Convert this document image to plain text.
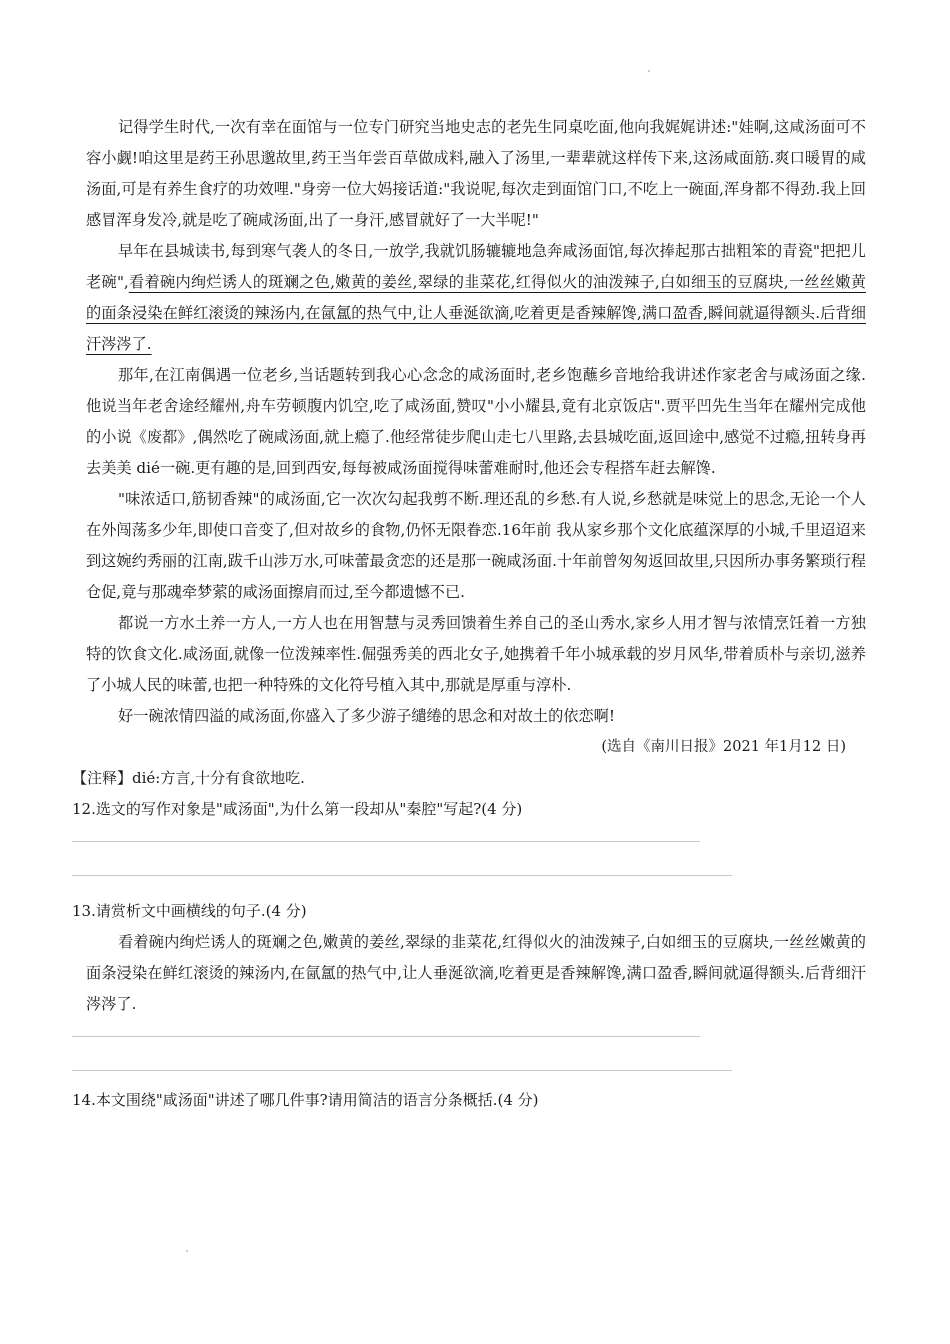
记得学生时代,一次有幸在面馆与一位专门研究当地史志的老先生同桌吃面,他向我娓娓讲述:"娃啊,这咸汤面可不容小觑!咱这里是药王孙思邈故里,药王当年尝百草做成料,融入了汤里,一辈辈就这样传下来,这汤咸面筋.爽口暖胃的咸汤面,可是有养生食疗的功效哩."身旁一位大妈接话道:"我说呢,每次走到面馆门口,不吃上一碗面,浑身都不得劲.我上回感冒浑身发冷,就是吃了碗咸汤面,出了一身汗,感冒就好了一大半呢!"

早年在县城读书,每到寒气袭人的冬日,一放学,我就饥肠辘辘地急奔咸汤面馆,每次捧起那古拙粗笨的青瓷"把把儿老碗",看着碗内绚烂诱人的斑斓之色,嫩黄的姜丝,翠绿的韭菜花,红得似火的油泼辣子,白如细玉的豆腐块,一丝丝嫩黄的面条浸染在鲜红滚烫的辣汤内,在氤氲的热气中,让人垂涎欲滴,吃着更是香辣解馋,满口盈香,瞬间就逼得额头.后背细汗涔涔了.

那年,在江南偶遇一位老乡,当话题转到我心心念念的咸汤面时,老乡饱蘸乡音地给我讲述作家老舍与咸汤面之缘.他说当年老舍途经耀州,舟车劳顿腹内饥空,吃了咸汤面,赞叹"小小耀县,竟有北京饭店".贾平凹先生当年在耀州完成他的小说《废都》,偶然吃了碗咸汤面,就上瘾了.他经常徒步爬山走七八里路,去县城吃面,返回途中,感觉不过瘾,扭转身再去美美 dié一碗.更有趣的是,回到西安,每每被咸汤面搅得味蕾难耐时,他还会专程搭车赶去解馋.

"味浓适口,筋韧香辣"的咸汤面,它一次次勾起我剪不断.理还乱的乡愁.有人说,乡愁就是味觉上的思念,无论一个人在外闯荡多少年,即使口音变了,但对故乡的食物,仍怀无限眷恋.16年前 我从家乡那个文化底蕴深厚的小城,千里迢迢来到这婉约秀丽的江南,跋千山涉万水,可味蕾最贪恋的还是那一碗咸汤面.十年前曾匆匆返回故里,只因所办事务繁琐行程仓促,竟与那魂牵梦萦的咸汤面擦肩而过,至今都遗憾不已.

都说一方水土养一方人,一方人也在用智慧与灵秀回馈着生养自己的圣山秀水,家乡人用才智与浓情烹饪着一方独特的饮食文化.咸汤面,就像一位泼辣率性.倔强秀美的西北女子,她携着千年小城承载的岁月风华,带着质朴与亲切,滋养了小城人民的味蕾,也把一种特殊的文化符号植入其中,那就是厚重与淳朴.

好一碗浓情四溢的咸汤面,你盛入了多少游子缱绻的思念和对故土的依恋啊!

(选自《南川日报》2021 年1月12 日)

【注释】dié:方言,十分有食欲地吃.

12.选文的写作对象是"咸汤面",为什么第一段却从"秦腔"写起?(4 分)

13.请赏析文中画横线的句子.(4 分)

看着碗内绚烂诱人的斑斓之色,嫩黄的姜丝,翠绿的韭菜花,红得似火的油泼辣子,白如细玉的豆腐块,一丝丝嫩黄的面条浸染在鲜红滚烫的辣汤内,在氤氲的热气中,让人垂涎欲滴,吃着更是香辣解馋,满口盈香,瞬间就逼得额头.后背细汗涔涔了.

14.本文围绕"咸汤面"讲述了哪几件事?请用简洁的语言分条概括.(4 分)
